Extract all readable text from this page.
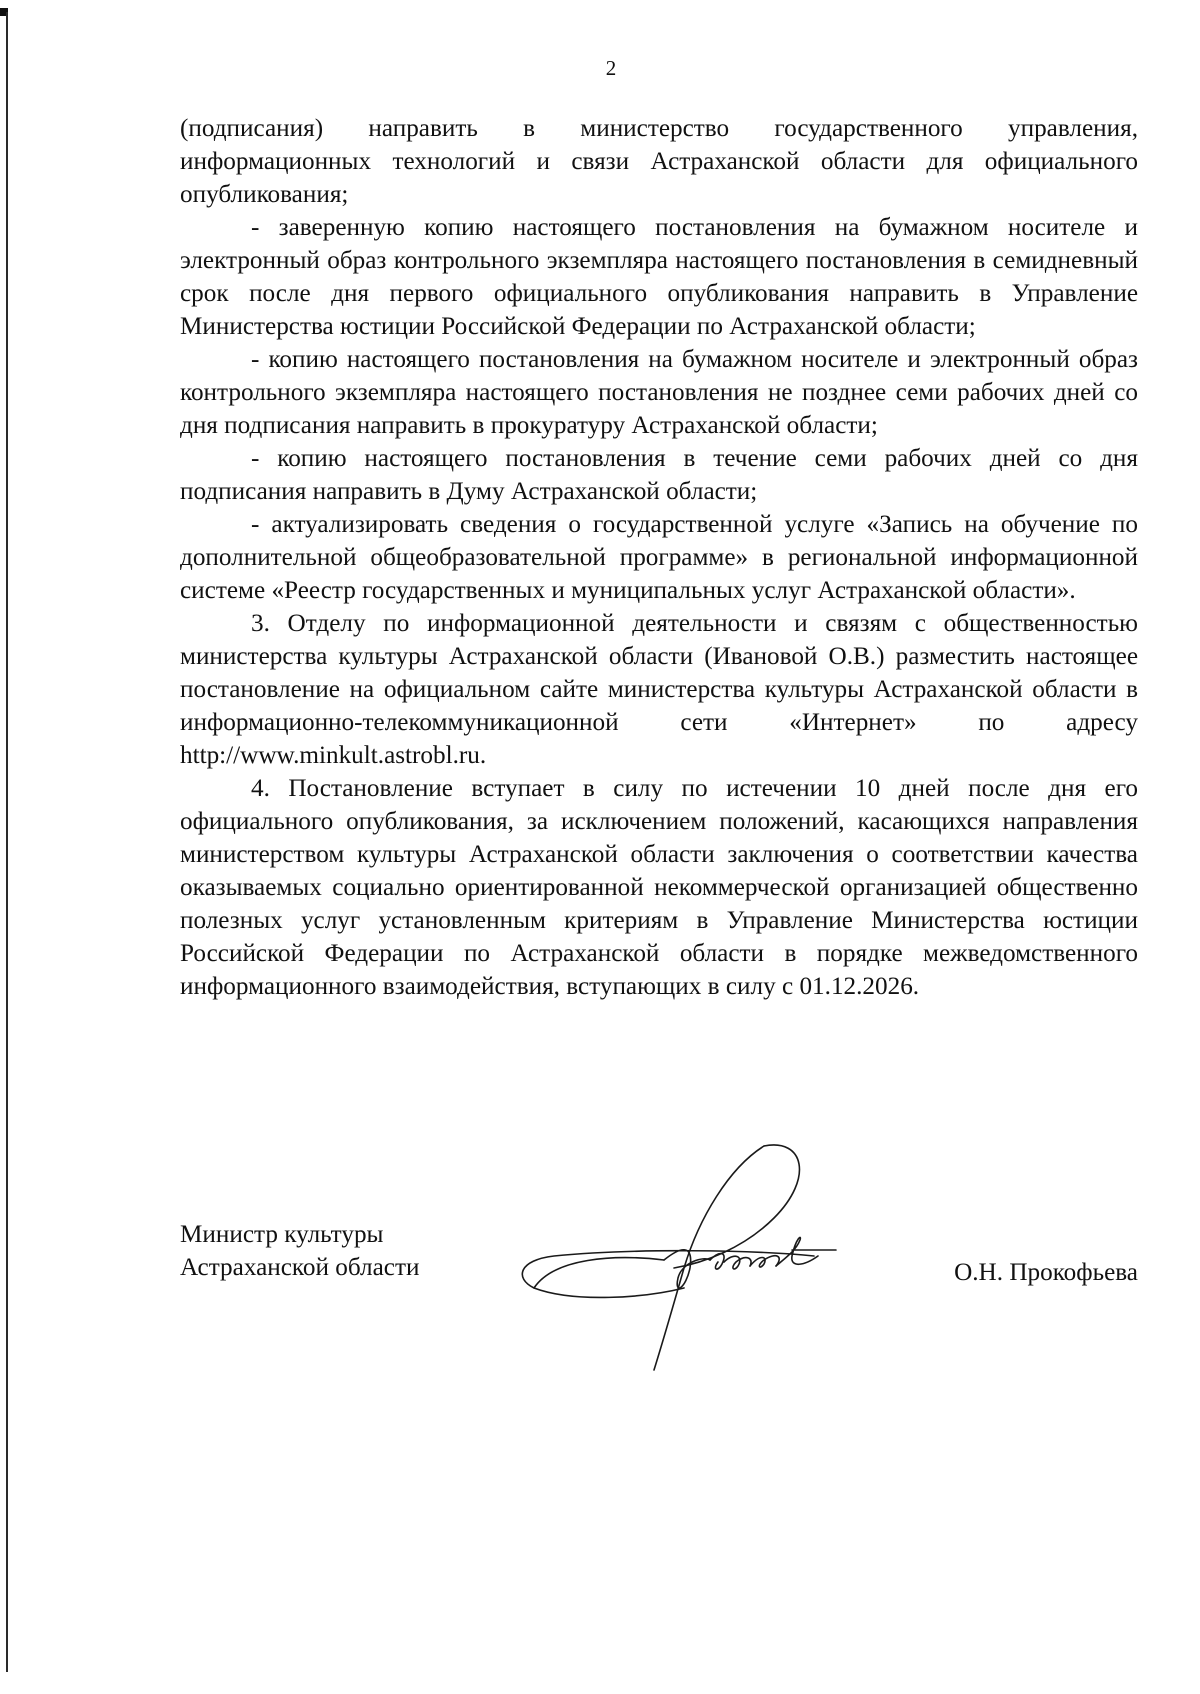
2

(подписания) направить в министерство государственного управления, информационных технологий и связи Астраханской области для официального опубликования;

- заверенную копию настоящего постановления на бумажном носителе и электронный образ контрольного экземпляра настоящего постановления в семидневный срок после дня первого официального опубликования направить в Управление Министерства юстиции Российской Федерации по Астраханской области;

- копию настоящего постановления на бумажном носителе и электронный образ контрольного экземпляра настоящего постановления не позднее семи рабочих дней со дня подписания направить в прокуратуру Астраханской области;

- копию настоящего постановления в течение семи рабочих дней со дня подписания направить в Думу Астраханской области;

- актуализировать сведения о государственной услуге «Запись на обучение по дополнительной общеобразовательной программе» в региональной информационной системе «Реестр государственных и муниципальных услуг Астраханской области».

3. Отделу по информационной деятельности и связям с общественностью министерства культуры Астраханской области (Ивановой О.В.) разместить настоящее постановление на официальном сайте министерства культуры Астраханской области в информационно-телекоммуникационной сети «Интернет» по адресу http://www.minkult.astrobl.ru.

4. Постановление вступает в силу по истечении 10 дней после дня его официального опубликования, за исключением положений, касающихся направления министерством культуры Астраханской области заключения о соответствии качества оказываемых социально ориентированной некоммерческой организацией общественно полезных услуг установленным критериям в Управление Министерства юстиции Российской Федерации по Астраханской области в порядке межведомственного информационного взаимодействия, вступающих в силу с 01.12.2026.

Министр культуры
Астраханской области	О.Н. Прокофьева
